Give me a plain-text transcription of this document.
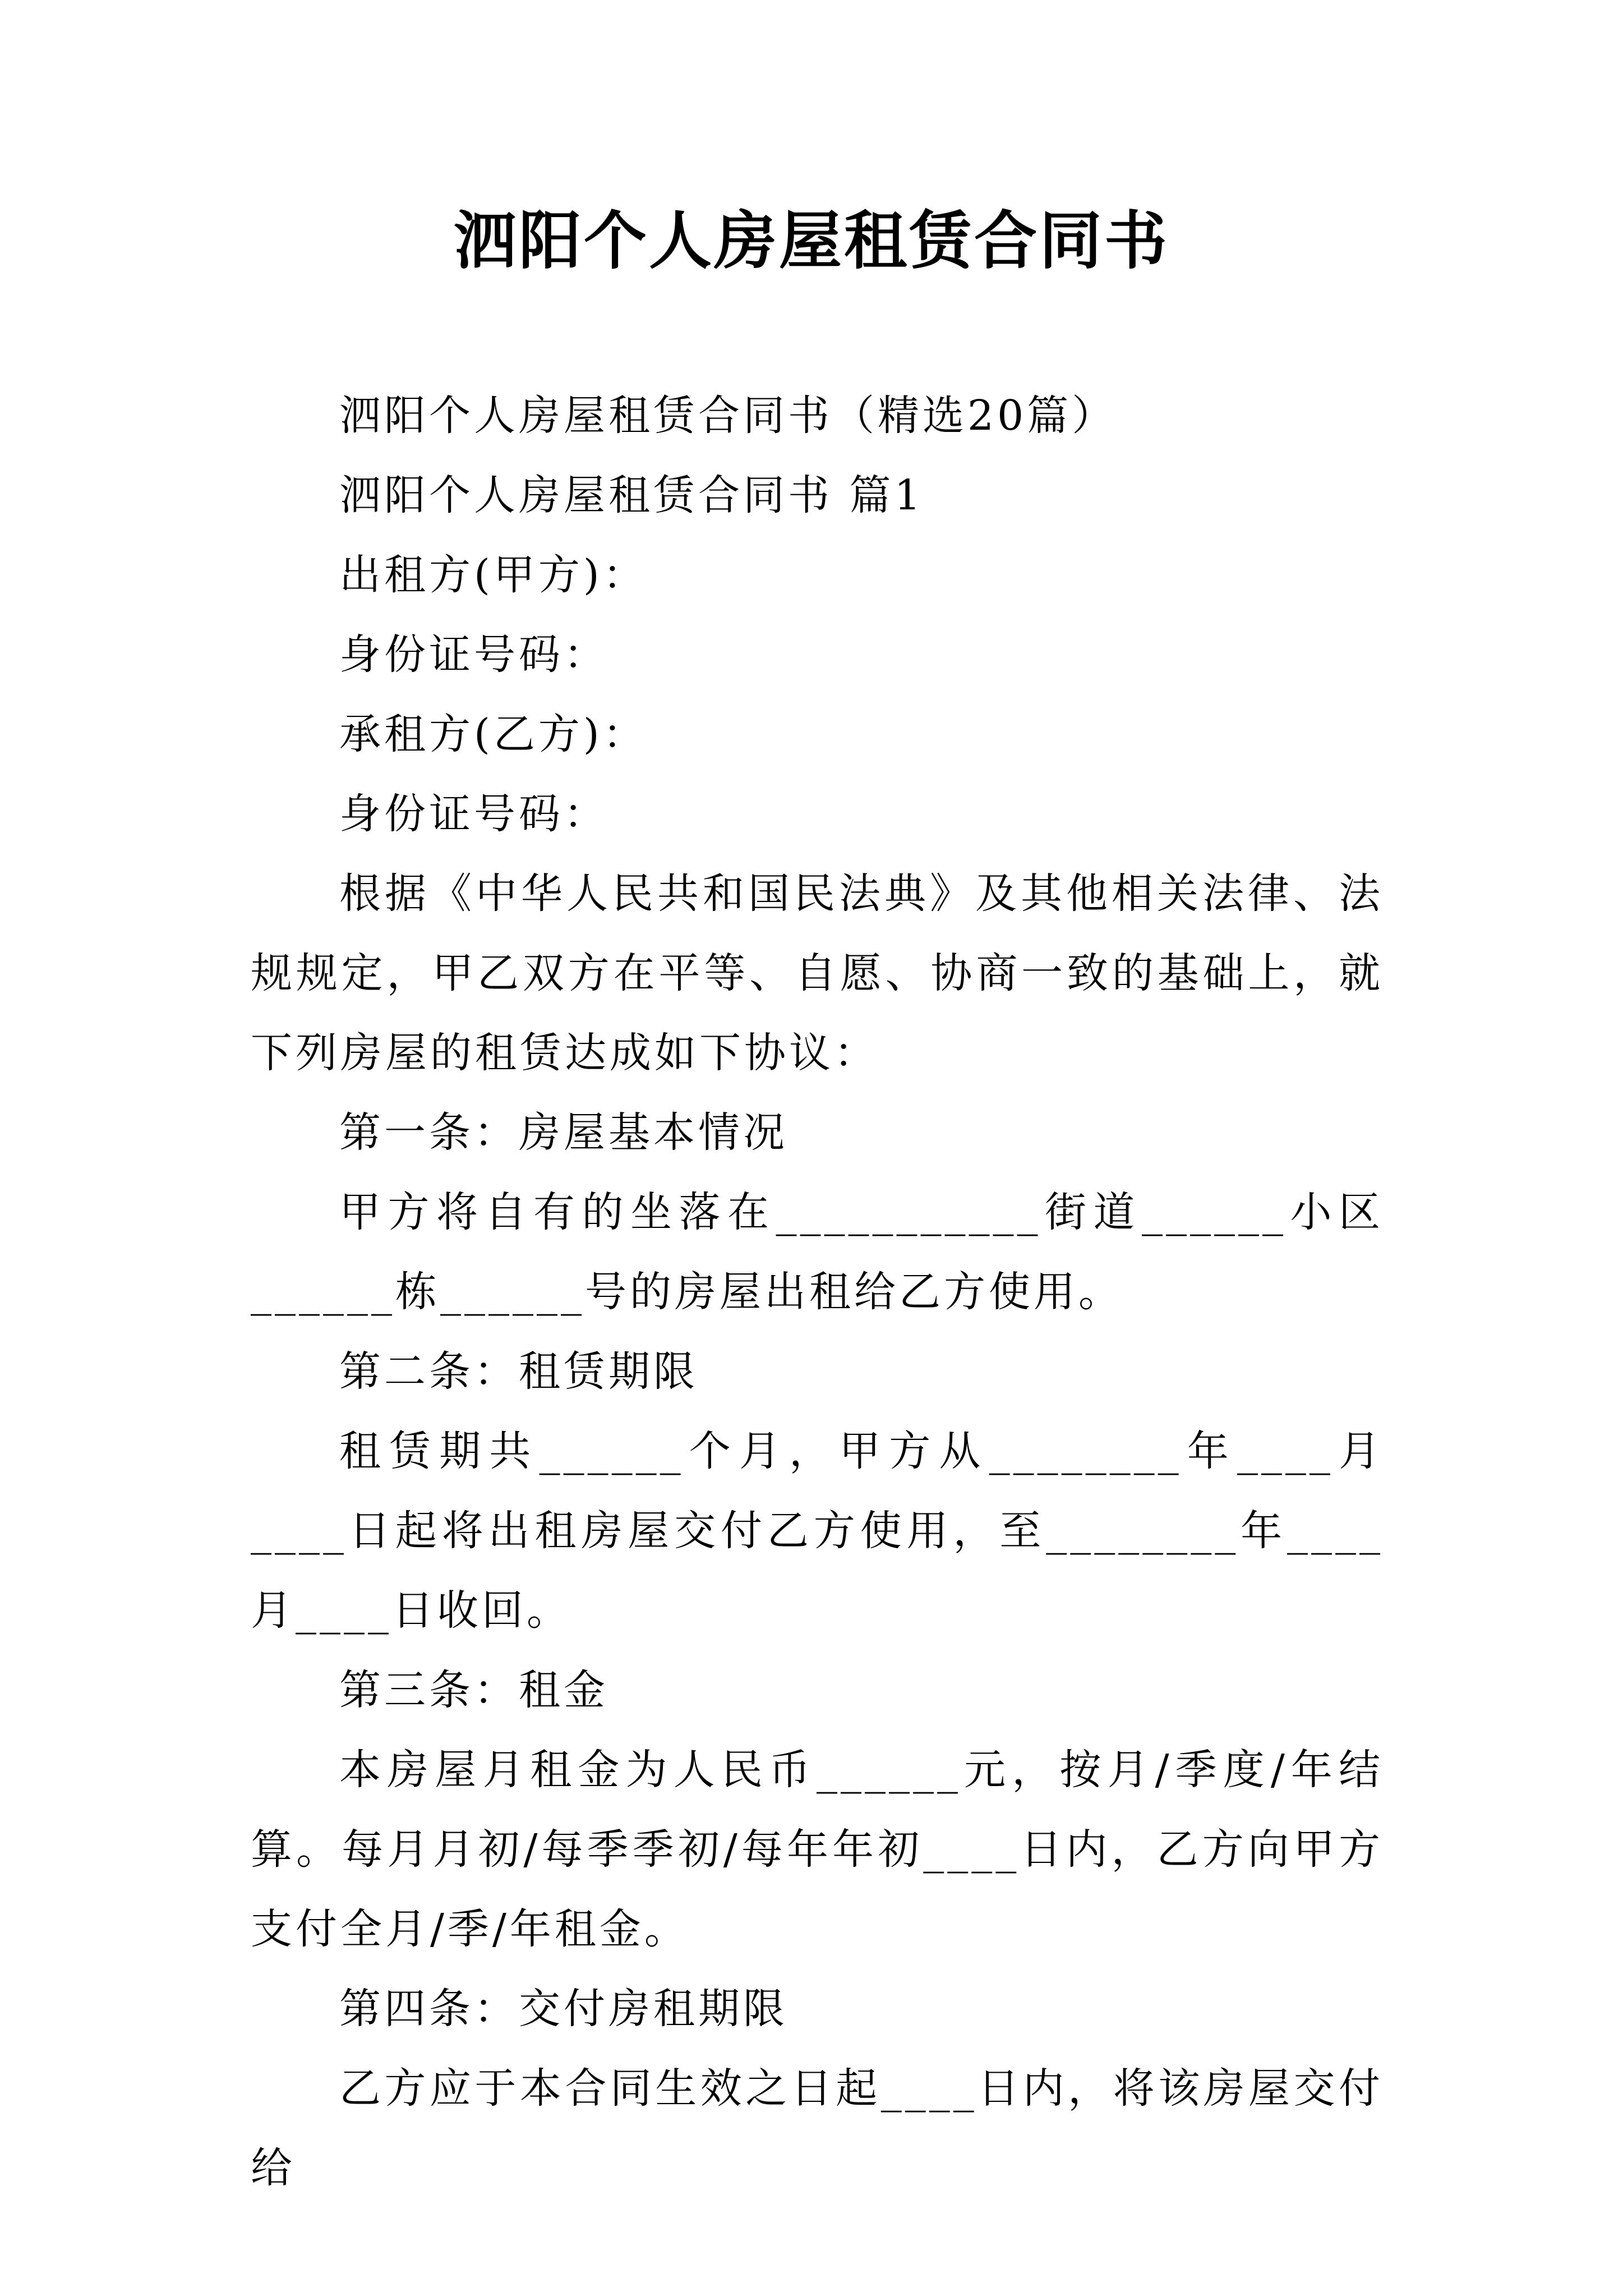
泗阳个人房屋租赁合同书

泗阳个人房屋租赁合同书（精选20篇）

泗阳个人房屋租赁合同书 篇1

出租方(甲方)：

身份证号码：

承租方(乙方)：

身份证号码：

根据《中华人民共和国民法典》及其他相关法律、法规规定，甲乙双方在平等、自愿、协商一致的基础上，就下列房屋的租赁达成如下协议：

第一条：房屋基本情况

甲方将自有的坐落在___________街道______小区______栋______号的房屋出租给乙方使用。

第二条：租赁期限

租赁期共______个月，甲方从________年____月____日起将出租房屋交付乙方使用，至________年____月____日收回。

第三条：租金

本房屋月租金为人民币______元，按月/季度/年结算。每月月初/每季季初/每年年初____日内，乙方向甲方支付全月/季/年租金。

第四条：交付房租期限

乙方应于本合同生效之日起____日内，将该房屋交付给
